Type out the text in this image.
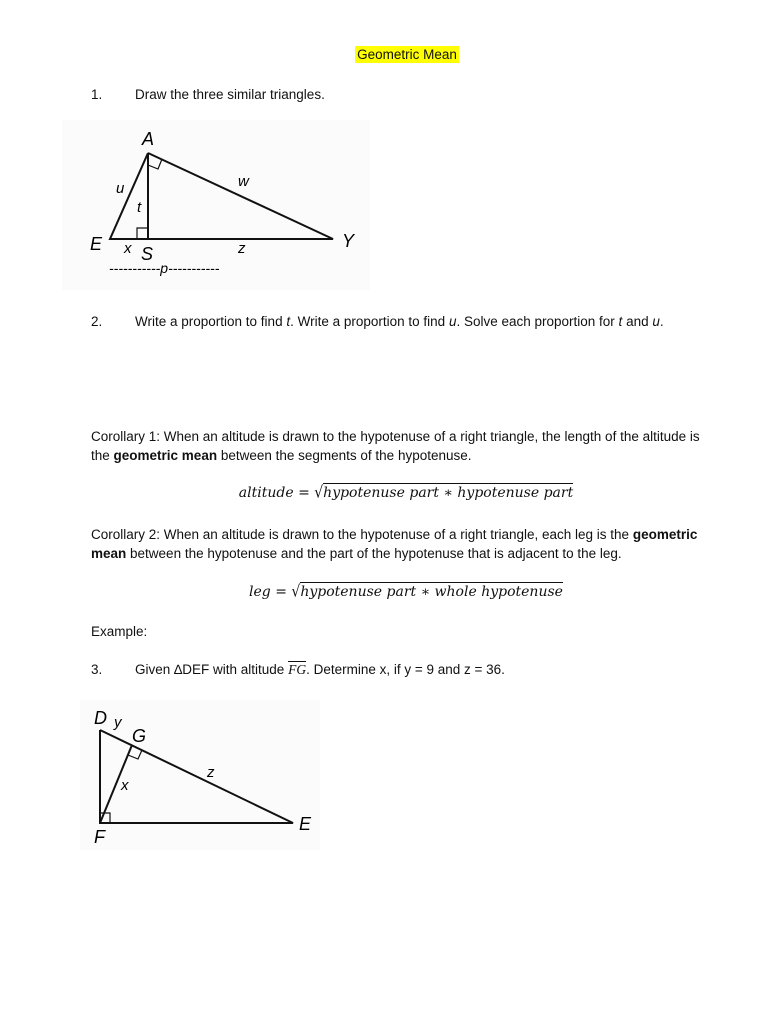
Geometric Mean
1. Draw the three similar triangles.
A
E S
Y
u
t
w
x	z
-----------p-----------
2. Write a proportion to find t. Write a proportion to find u. Solve each proportion for t and u.
Corollary 1: When an altitude is drawn to the hypotenuse of a right triangle, the length of the altitude is the geometric mean between the segments of the hypotenuse.
altitude = √hypotenuse part ∗ hypotenuse part
Corollary 2: When an altitude is drawn to the hypotenuse of a right triangle, each leg is the geometric mean between the hypotenuse and the part of the hypotenuse that is adjacent to the leg.
leg = √hypotenuse part ∗ whole hypotenuse
Example:
3. Given ∆DEF with altitude $\overline{FG}$. Determine x, if y = 9 and z = 36.
D y
G
z
x
F
E
